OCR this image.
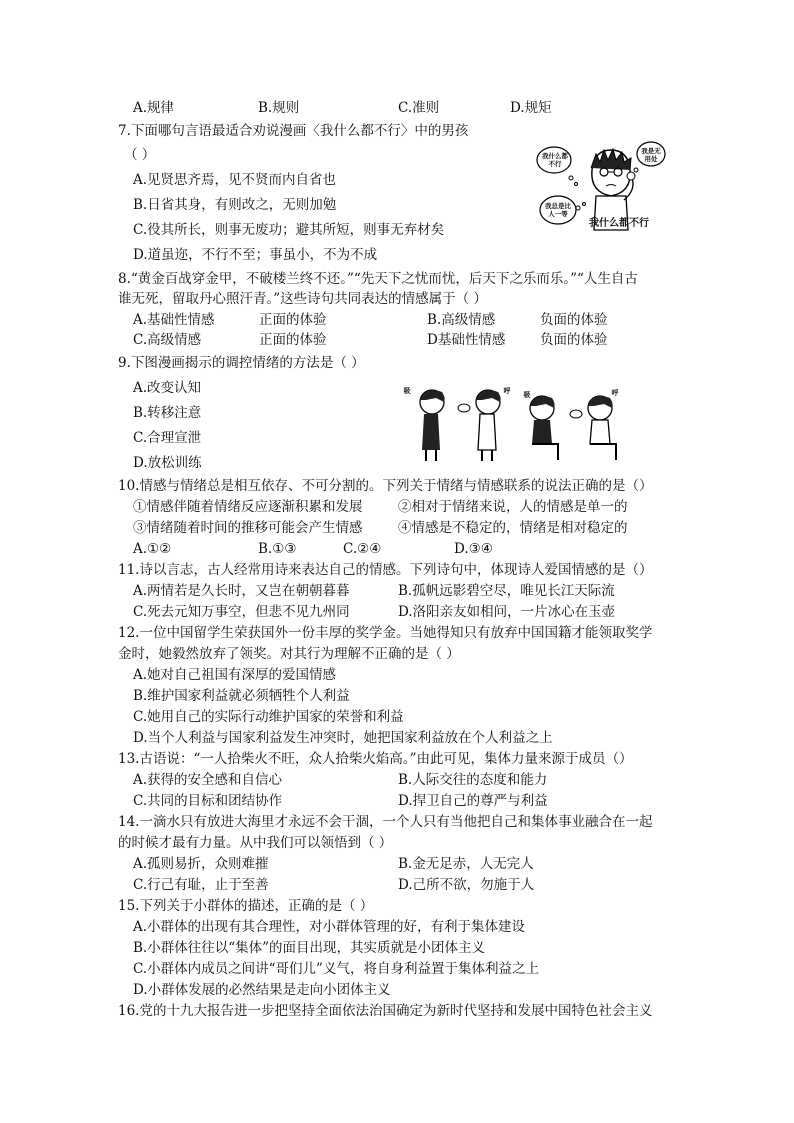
A.规律	B.规则	C.准则	D.规矩
7.下面哪句言语最适合劝说漫画〈我什么都不行〉中的男孩
（ ）
A.见贤思齐焉，见不贤而内自省也
B.日省其身，有则改之，无则加勉
C.役其所长，则事无废功；避其所短，则事无弃材矣
D.道虽迩，不行不至；事虽小，不为不成
我什么都不行
我是无用处
我总是比人一等
我什么都不行
8.“黄金百战穿金甲，不破楼兰终不还。”“先天下之忧而忧，后天下之乐而乐。”“人生自古
谁无死，留取丹心照汗青。”这些诗句共同表达的情感属于（ ）
A.基础性情感	正面的体验	B.高级情感	负面的体验
C.高级情感	正面的体验	D基础性情感	负面的体验
9.下图漫画揭示的调控情绪的方法是（ ）
A.改变认知
B.转移注意
C.合理宣泄
D.放松训练
吸	呼	吸	呼
10.情感与情绪总是相互依存、不可分割的。下列关于情绪与情感联系的说法正确的是（）
①情感伴随着情绪反应逐渐积累和发展	②相对于情绪来说，人的情感是单一的
③情绪随着时间的推移可能会产生情感	④情感是不稳定的，情绪是相对稳定的
A.①②	B.①③	C.②④	D.③④
11.诗以言志，古人经常用诗来表达自己的情感。下列诗句中，体现诗人爱国情感的是（）
A.两情若是久长时，又岂在朝朝暮暮	B.孤帆远影碧空尽，唯见长江天际流
C.死去元知万事空，但悲不见九州同	D.洛阳亲友如相问，一片冰心在玉壶
12.一位中国留学生荣获国外一份丰厚的奖学金。当她得知只有放弃中国国籍才能领取奖学
金时，她毅然放弃了领奖。对其行为理解不正确的是（ ）
A.她对自己祖国有深厚的爱国情感
B.维护国家利益就必须牺牲个人利益
C.她用自己的实际行动维护国家的荣誉和利益
D.当个人利益与国家利益发生冲突时，她把国家利益放在个人利益之上
13.古语说：“一人拾柴火不旺，众人拾柴火焰高。”由此可见，集体力量来源于成员（）
A.获得的安全感和自信心	B.人际交往的态度和能力
C.共同的目标和团结协作	D.捍卫自己的尊严与利益
14.一滴水只有放进大海里才永远不会干涸，一个人只有当他把自己和集体事业融合在一起
的时候才最有力量。从中我们可以领悟到（ ）
A.孤则易折，众则难摧	B.金无足赤，人无完人
C.行己有耻，止于至善	D.己所不欲，勿施于人
15.下列关于小群体的描述，正确的是（ ）
A.小群体的出现有其合理性，对小群体管理的好，有利于集体建设
B.小群体往往以“集体”的面目出现，其实质就是小团体主义
C.小群体内成员之间讲“哥们儿”义气，将自身利益置于集体利益之上
D.小群体发展的必然结果是走向小团体主义
16.党的十九大报告进一步把坚持全面依法治国确定为新时代坚持和发展中国特色社会主义
